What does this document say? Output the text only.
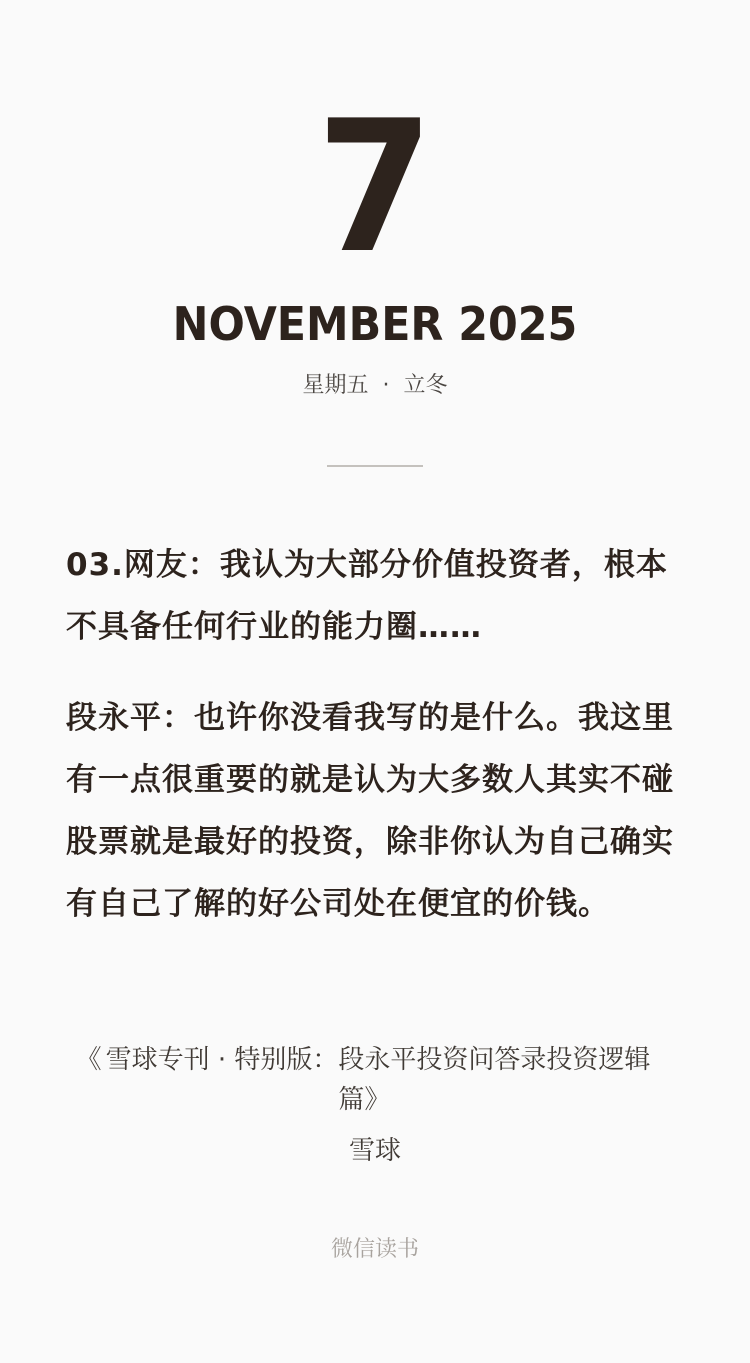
7
NOVEMBER 2025
星期五 · 立冬

03.网友：我认为大部分价值投资者，根本不具备任何行业的能力圈……

段永平：也许你没看我写的是什么。我这里有一点很重要的就是认为大多数人其实不碰股票就是最好的投资，除非你认为自己确实有自己了解的好公司处在便宜的价钱。

《 雪球专刊 · 特别版： 段永平投资问答录投资逻辑篇》
雪球
微信读书
